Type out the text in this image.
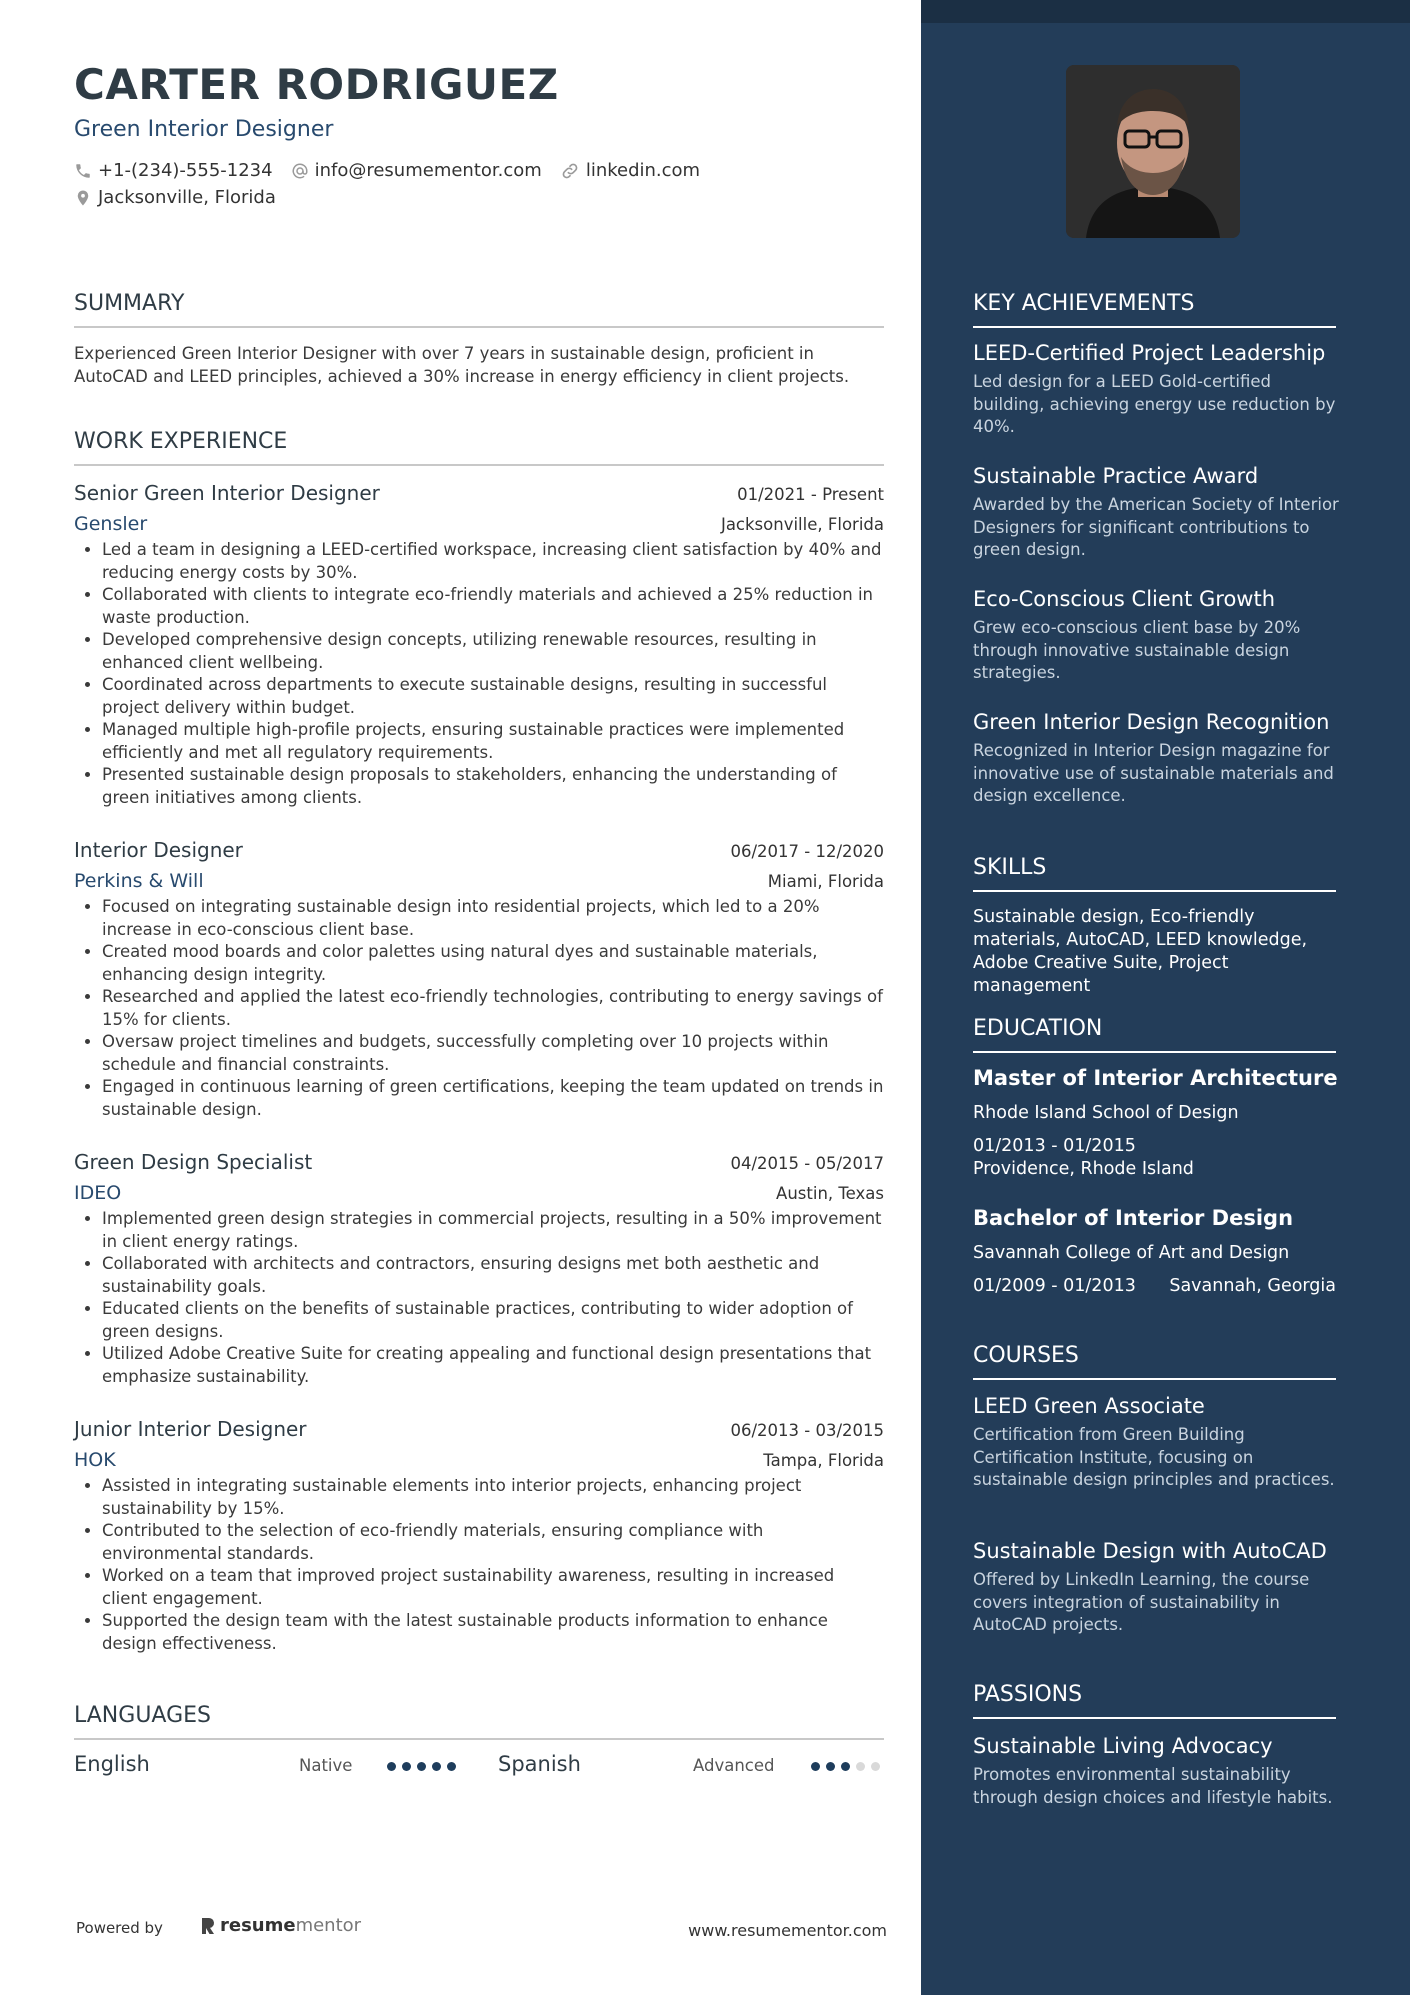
CARTER RODRIGUEZ
Green Interior Designer
+1-(234)-555-1234 info@resumementor.com linkedin.com
Jacksonville, Florida
SUMMARY
Experienced Green Interior Designer with over 7 years in sustainable design, proficient in AutoCAD and LEED principles, achieved a 30% increase in energy efficiency in client projects.
WORK EXPERIENCE
Senior Green Interior Designer	01/2021 - Present
Gensler	Jacksonville, Florida
• Led a team in designing a LEED-certified workspace, increasing client satisfaction by 40% and reducing energy costs by 30%.
• Collaborated with clients to integrate eco-friendly materials and achieved a 25% reduction in waste production.
• Developed comprehensive design concepts, utilizing renewable resources, resulting in enhanced client wellbeing.
• Coordinated across departments to execute sustainable designs, resulting in successful project delivery within budget.
• Managed multiple high-profile projects, ensuring sustainable practices were implemented efficiently and met all regulatory requirements.
• Presented sustainable design proposals to stakeholders, enhancing the understanding of green initiatives among clients.
Interior Designer	06/2017 - 12/2020
Perkins & Will	Miami, Florida
• Focused on integrating sustainable design into residential projects, which led to a 20% increase in eco-conscious client base.
• Created mood boards and color palettes using natural dyes and sustainable materials, enhancing design integrity.
• Researched and applied the latest eco-friendly technologies, contributing to energy savings of 15% for clients.
• Oversaw project timelines and budgets, successfully completing over 10 projects within schedule and financial constraints.
• Engaged in continuous learning of green certifications, keeping the team updated on trends in sustainable design.
Green Design Specialist	04/2015 - 05/2017
IDEO	Austin, Texas
• Implemented green design strategies in commercial projects, resulting in a 50% improvement in client energy ratings.
• Collaborated with architects and contractors, ensuring designs met both aesthetic and sustainability goals.
• Educated clients on the benefits of sustainable practices, contributing to wider adoption of green designs.
• Utilized Adobe Creative Suite for creating appealing and functional design presentations that emphasize sustainability.
Junior Interior Designer	06/2013 - 03/2015
HOK	Tampa, Florida
• Assisted in integrating sustainable elements into interior projects, enhancing project sustainability by 15%.
• Contributed to the selection of eco-friendly materials, ensuring compliance with environmental standards.
• Worked on a team that improved project sustainability awareness, resulting in increased client engagement.
• Supported the design team with the latest sustainable products information to enhance design effectiveness.
LANGUAGES
English	Native	Spanish	Advanced
Powered by	resume mentor	www.resumementor.com
KEY ACHIEVEMENTS
LEED-Certified Project Leadership
Led design for a LEED Gold-certified building, achieving energy use reduction by 40%.
Sustainable Practice Award
Awarded by the American Society of Interior Designers for significant contributions to green design.
Eco-Conscious Client Growth
Grew eco-conscious client base by 20% through innovative sustainable design strategies.
Green Interior Design Recognition
Recognized in Interior Design magazine for innovative use of sustainable materials and design excellence.
SKILLS
Sustainable design, Eco-friendly materials, AutoCAD, LEED knowledge, Adobe Creative Suite, Project management
EDUCATION
Master of Interior Architecture
Rhode Island School of Design
01/2013 - 01/2015
Providence, Rhode Island
Bachelor of Interior Design
Savannah College of Art and Design
01/2009 - 01/2013 Savannah, Georgia
COURSES
LEED Green Associate
Certification from Green Building Certification Institute, focusing on sustainable design principles and practices.
Sustainable Design with AutoCAD
Offered by LinkedIn Learning, the course covers integration of sustainability in AutoCAD projects.
PASSIONS
Sustainable Living Advocacy
Promotes environmental sustainability through design choices and lifestyle habits.
